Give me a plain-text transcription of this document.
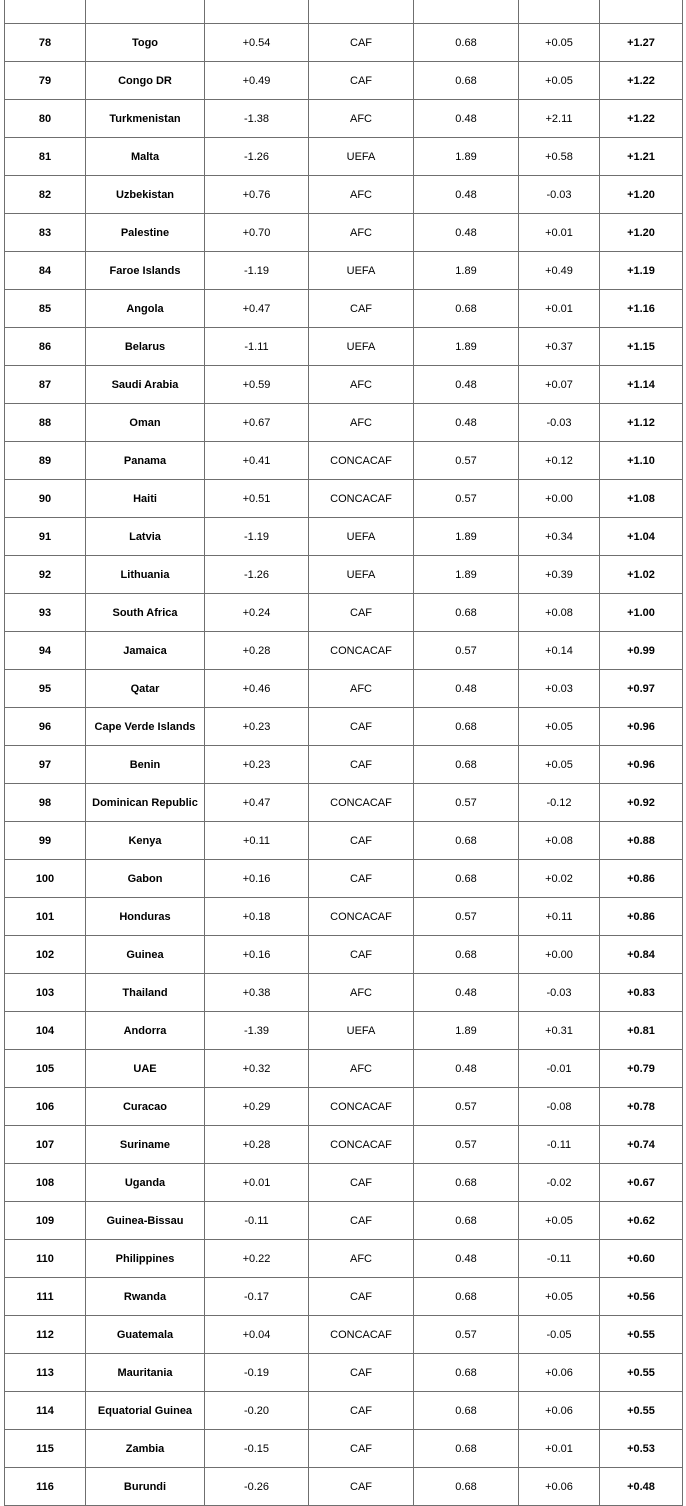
78	Togo	+0.54	CAF	0.68	+0.05	+1.27
79	Congo DR	+0.49	CAF	0.68	+0.05	+1.22
80	Turkmenistan	-1.38	AFC	0.48	+2.11	+1.22
81	Malta	-1.26	UEFA	1.89	+0.58	+1.21
82	Uzbekistan	+0.76	AFC	0.48	-0.03	+1.20
83	Palestine	+0.70	AFC	0.48	+0.01	+1.20
84	Faroe Islands	-1.19	UEFA	1.89	+0.49	+1.19
85	Angola	+0.47	CAF	0.68	+0.01	+1.16
86	Belarus	-1.11	UEFA	1.89	+0.37	+1.15
87	Saudi Arabia	+0.59	AFC	0.48	+0.07	+1.14
88	Oman	+0.67	AFC	0.48	-0.03	+1.12
89	Panama	+0.41	CONCACAF	0.57	+0.12	+1.10
90	Haiti	+0.51	CONCACAF	0.57	+0.00	+1.08
91	Latvia	-1.19	UEFA	1.89	+0.34	+1.04
92	Lithuania	-1.26	UEFA	1.89	+0.39	+1.02
93	South Africa	+0.24	CAF	0.68	+0.08	+1.00
94	Jamaica	+0.28	CONCACAF	0.57	+0.14	+0.99
95	Qatar	+0.46	AFC	0.48	+0.03	+0.97
96	Cape Verde Islands	+0.23	CAF	0.68	+0.05	+0.96
97	Benin	+0.23	CAF	0.68	+0.05	+0.96
98	Dominican Republic	+0.47	CONCACAF	0.57	-0.12	+0.92
99	Kenya	+0.11	CAF	0.68	+0.08	+0.88
100	Gabon	+0.16	CAF	0.68	+0.02	+0.86
101	Honduras	+0.18	CONCACAF	0.57	+0.11	+0.86
102	Guinea	+0.16	CAF	0.68	+0.00	+0.84
103	Thailand	+0.38	AFC	0.48	-0.03	+0.83
104	Andorra	-1.39	UEFA	1.89	+0.31	+0.81
105	UAE	+0.32	AFC	0.48	-0.01	+0.79
106	Curacao	+0.29	CONCACAF	0.57	-0.08	+0.78
107	Suriname	+0.28	CONCACAF	0.57	-0.11	+0.74
108	Uganda	+0.01	CAF	0.68	-0.02	+0.67
109	Guinea-Bissau	-0.11	CAF	0.68	+0.05	+0.62
110	Philippines	+0.22	AFC	0.48	-0.11	+0.60
111	Rwanda	-0.17	CAF	0.68	+0.05	+0.56
112	Guatemala	+0.04	CONCACAF	0.57	-0.05	+0.55
113	Mauritania	-0.19	CAF	0.68	+0.06	+0.55
114	Equatorial Guinea	-0.20	CAF	0.68	+0.06	+0.55
115	Zambia	-0.15	CAF	0.68	+0.01	+0.53
116	Burundi	-0.26	CAF	0.68	+0.06	+0.48
